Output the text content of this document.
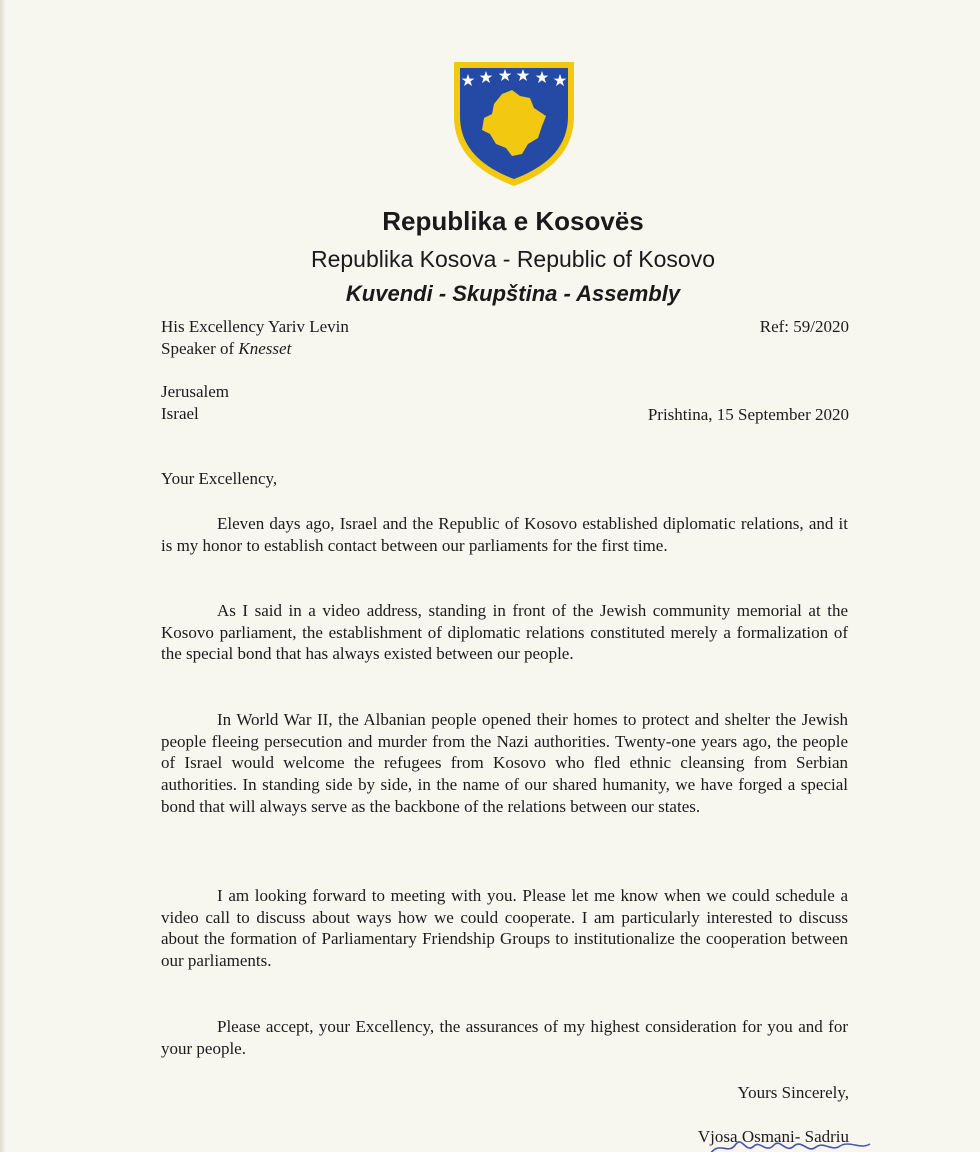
Republika e Kosovës
Republika Kosova - Republic of Kosovo
Kuvendi - Skupština - Assembly
His Excellency Yariv Levin
Speaker of Knesset
Ref: 59/2020
Jerusalem
Israel	Prishtina, 15 September 2020
Your Excellency,

Eleven days ago, Israel and the Republic of Kosovo established diplomatic relations, and it is my honor to establish contact between our parliaments for the first time.

As I said in a video address, standing in front of the Jewish community memorial at the Kosovo parliament, the establishment of diplomatic relations constituted merely a formalization of the special bond that has always existed between our people.

In World War II, the Albanian people opened their homes to protect and shelter the Jewish people fleeing persecution and murder from the Nazi authorities. Twenty-one years ago, the people of Israel would welcome the refugees from Kosovo who fled ethnic cleansing from Serbian authorities. In standing side by side, in the name of our shared humanity, we have forged a special bond that will always serve as the backbone of the relations between our states.

I am looking forward to meeting with you. Please let me know when we could schedule a video call to discuss about ways how we could cooperate. I am particularly interested to discuss about the formation of Parliamentary Friendship Groups to institutionalize the cooperation between our parliaments.

Please accept, your Excellency, the assurances of my highest consideration for you and for your people.

Yours Sincerely,
Vjosa Osmani- Sadriu
